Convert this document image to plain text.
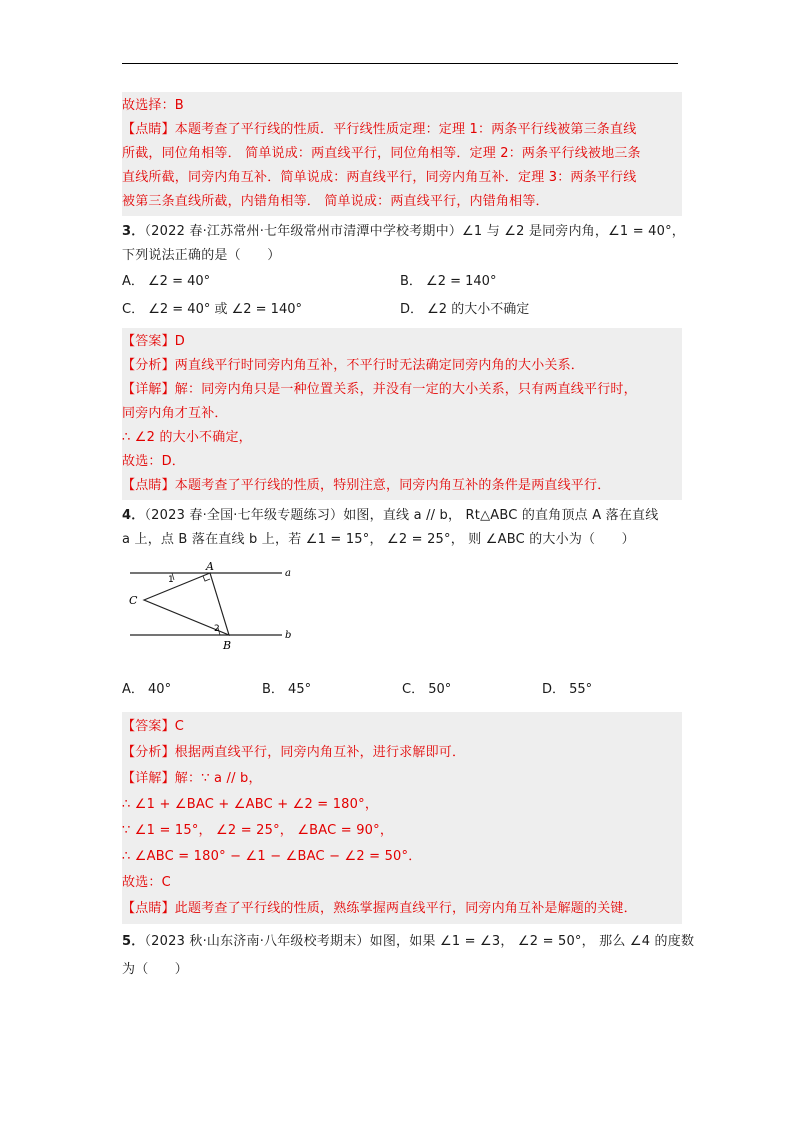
故选择：B
【点睛】本题考查了平行线的性质．平行线性质定理：定理 1：两条平行线被第三条直线
所截，同位角相等． 简单说成：两直线平行，同位角相等．定理 2：两条平行线被地三条
直线所截，同旁内角互补．简单说成：两直线平行，同旁内角互补．定理 3：两条平行线
被第三条直线所截，内错角相等． 简单说成：两直线平行，内错角相等．
3．（2022 春·江苏常州·七年级常州市清潭中学校考期中）∠1 与 ∠2 是同旁内角，∠1 = 40°，
下列说法正确的是（　　）
A． ∠2 = 40°	B． ∠2 = 140°
C． ∠2 = 40° 或 ∠2 = 140°	D． ∠2 的大小不确定
【答案】D
【分析】两直线平行时同旁内角互补，不平行时无法确定同旁内角的大小关系．
【详解】解：同旁内角只是一种位置关系，并没有一定的大小关系，只有两直线平行时，
同旁内角才互补．
∴ ∠2 的大小不确定，
故选：D．
【点睛】本题考查了平行线的性质，特别注意，同旁内角互补的条件是两直线平行．
4．（2023 春·全国·七年级专题练习）如图，直线 a // b， Rt△ABC 的直角顶点 A 落在直线
a 上，点 B 落在直线 b 上，若 ∠1 = 15°， ∠2 = 25°， 则 ∠ABC 的大小为（　　）
A
B
C
a
b
1
2
A． 40°	B． 45°	C． 50°	D． 55°
【答案】C
【分析】根据两直线平行，同旁内角互补，进行求解即可．
【详解】解：∵ a // b，
∴ ∠1 + ∠BAC + ∠ABC + ∠2 = 180°，
∵ ∠1 = 15°， ∠2 = 25°， ∠BAC = 90°，
∴ ∠ABC = 180° − ∠1 − ∠BAC − ∠2 = 50°．
故选：C
【点睛】此题考查了平行线的性质，熟练掌握两直线平行，同旁内角互补是解题的关键．
5．（2023 秋·山东济南·八年级校考期末）如图，如果 ∠1 = ∠3， ∠2 = 50°， 那么 ∠4 的度数
为（　　）
